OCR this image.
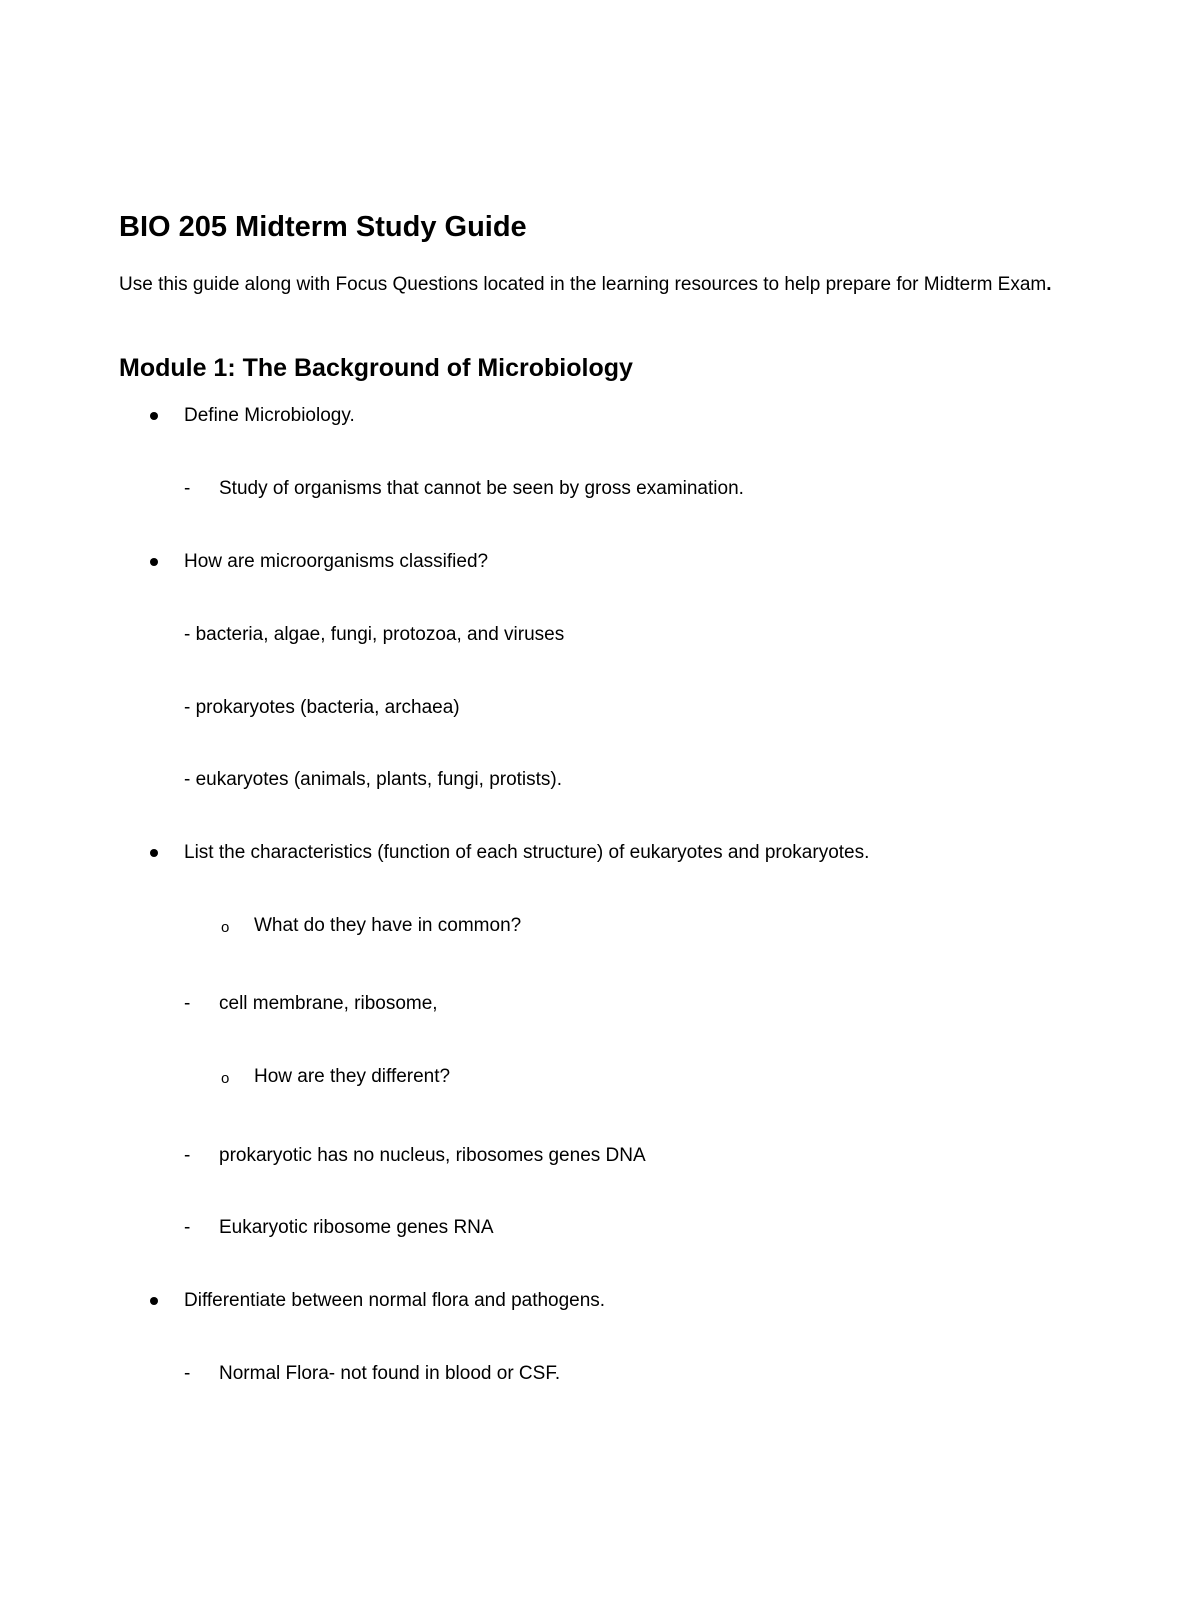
BIO 205 Midterm Study Guide

Use this guide along with Focus Questions located in the learning resources to help prepare for Midterm Exam.

Module 1: The Background of Microbiology
Define Microbiology.
- Study of organisms that cannot be seen by gross examination.
How are microorganisms classified?
- bacteria, algae, fungi, protozoa, and viruses
- prokaryotes (bacteria, archaea)
- eukaryotes (animals, plants, fungi, protists).
List the characteristics (function of each structure) of eukaryotes and prokaryotes.
o What do they have in common?
- cell membrane, ribosome,
o How are they different?
- prokaryotic has no nucleus, ribosomes genes DNA
- Eukaryotic ribosome genes RNA
Differentiate between normal flora and pathogens.
- Normal Flora- not found in blood or CSF.
